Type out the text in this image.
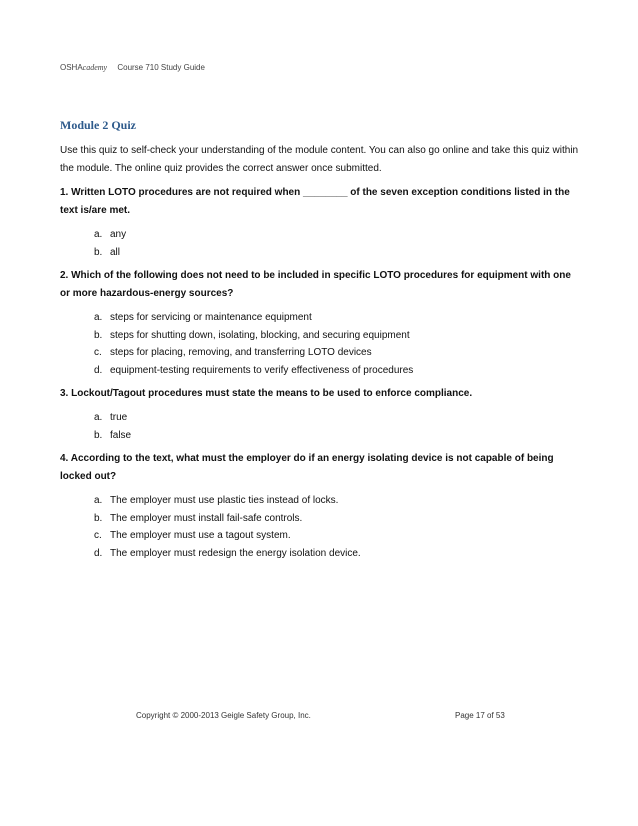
OSHAcademy Course 710 Study Guide
Module 2 Quiz

Use this quiz to self-check your understanding of the module content. You can also go online and take this quiz within the module. The online quiz provides the correct answer once submitted.

1. Written LOTO procedures are not required when ________ of the seven exception conditions listed in the text is/are met.

a. any
b. all

2. Which of the following does not need to be included in specific LOTO procedures for equipment with one or more hazardous-energy sources?

a. steps for servicing or maintenance equipment
b. steps for shutting down, isolating, blocking, and securing equipment
c. steps for placing, removing, and transferring LOTO devices
d. equipment-testing requirements to verify effectiveness of procedures

3. Lockout/Tagout procedures must state the means to be used to enforce compliance.

a. true
b. false

4. According to the text, what must the employer do if an energy isolating device is not capable of being locked out?

a. The employer must use plastic ties instead of locks.
b. The employer must install fail-safe controls.
c. The employer must use a tagout system.
d. The employer must redesign the energy isolation device.
Copyright © 2000-2013 Geigle Safety Group, Inc.	Page 17 of 53
